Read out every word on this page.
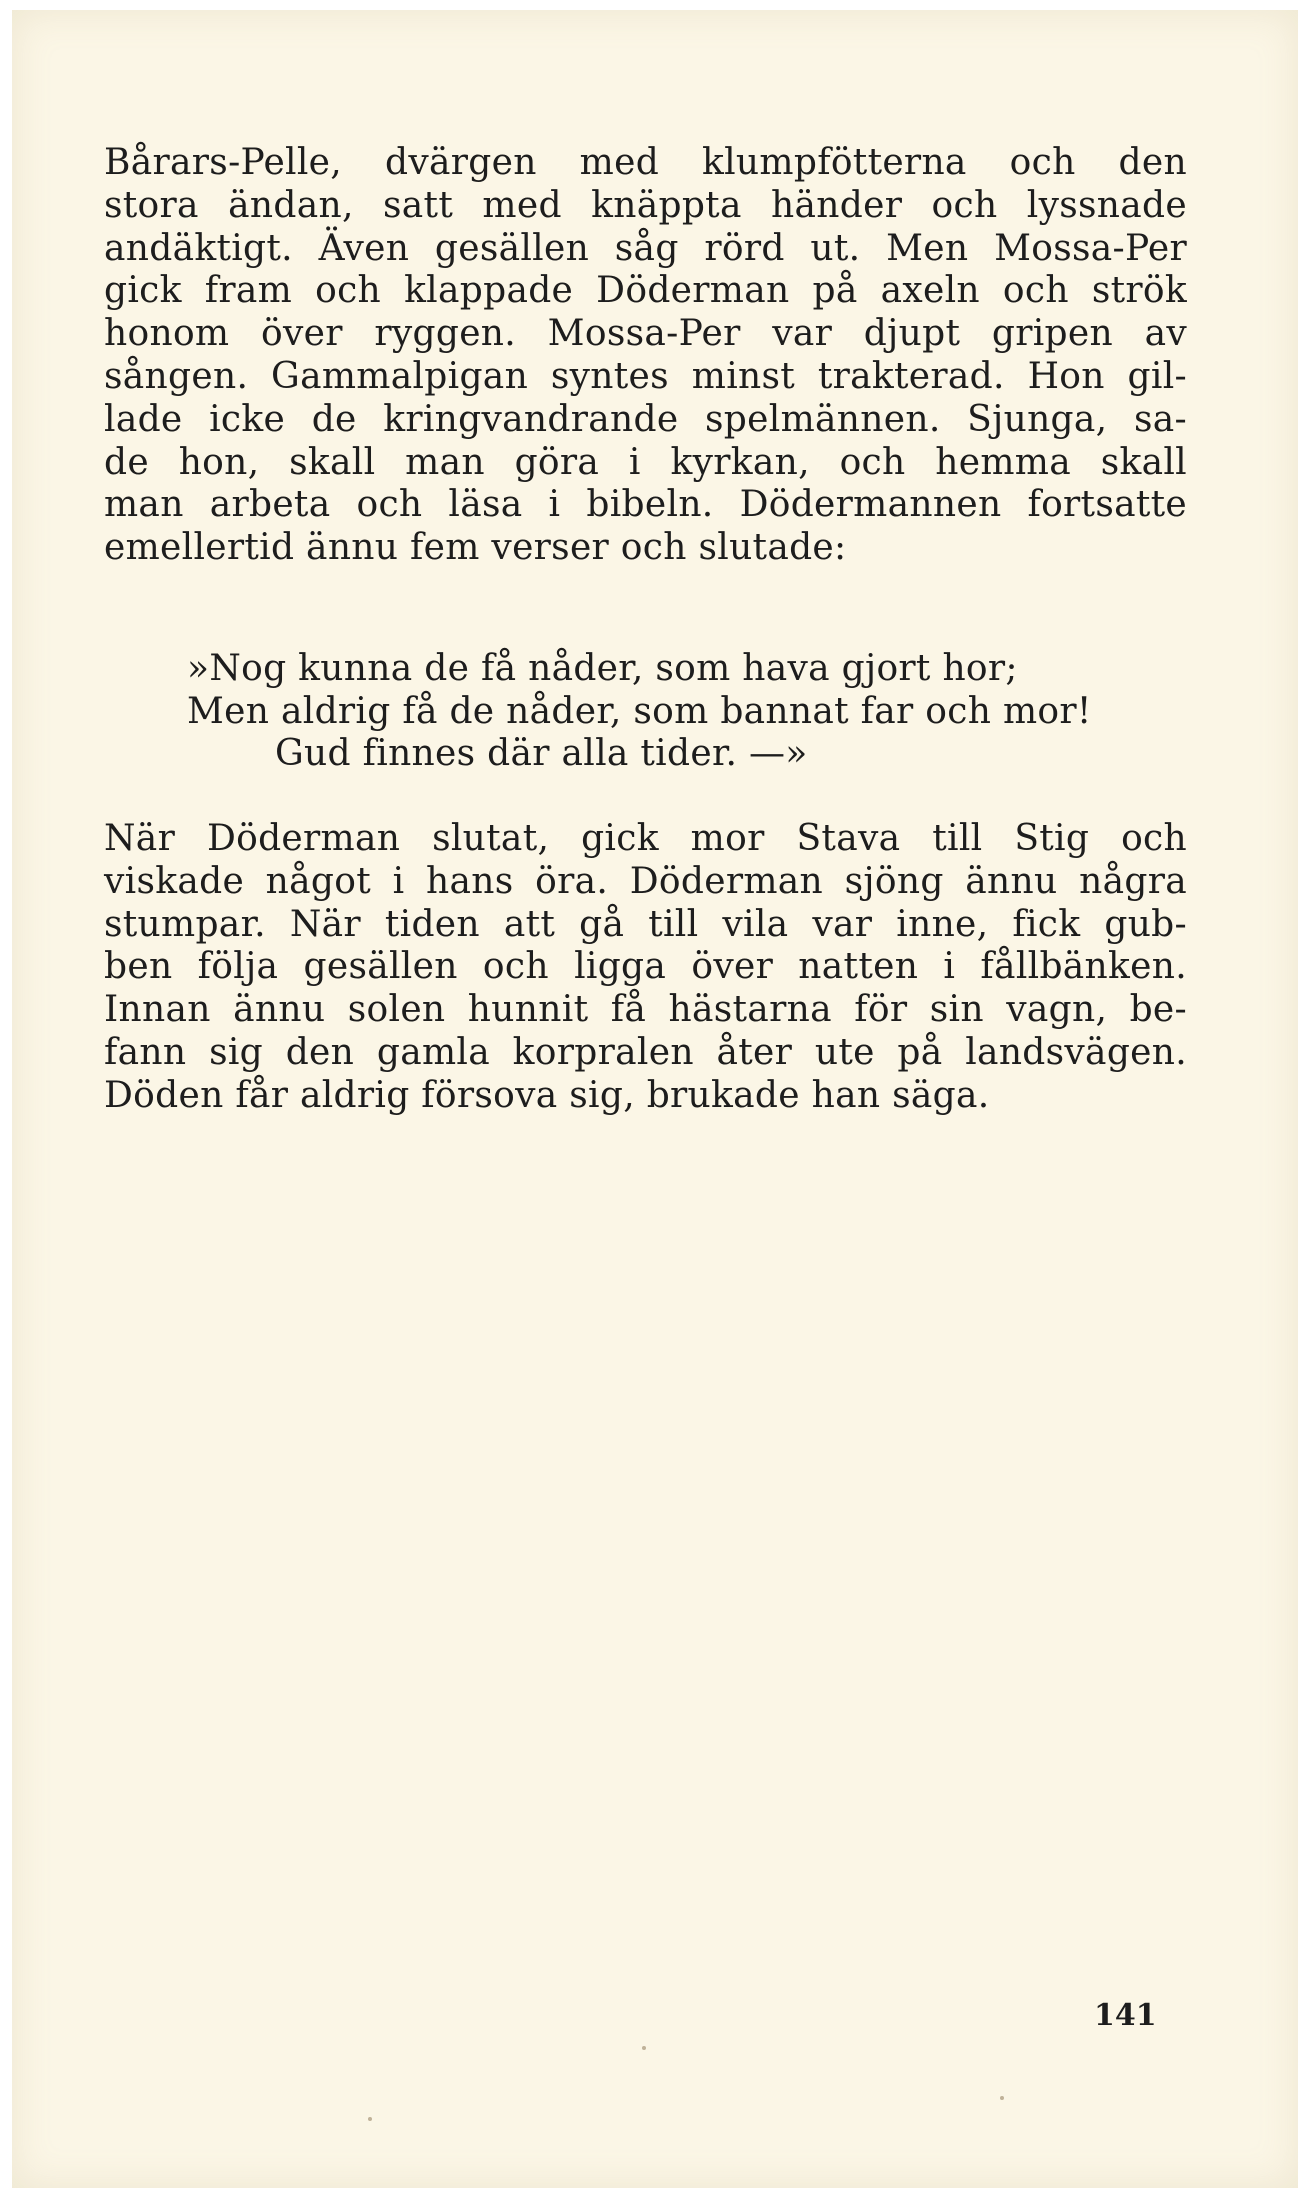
Bårars-Pelle, dvärgen med klumpfötterna och den
stora ändan, satt med knäppta händer och lyssnade
andäktigt. Även gesällen såg rörd ut. Men Mossa-Per
gick fram och klappade Döderman på axeln och strök
honom över ryggen. Mossa-Per var djupt gripen av
sången. Gammalpigan syntes minst trakterad. Hon gil-
lade icke de kringvandrande spelmännen. Sjunga, sa-
de hon, skall man göra i kyrkan, och hemma skall
man arbeta och läsa i bibeln. Dödermannen fortsatte
emellertid ännu fem verser och slutade:
»Nog kunna de få nåder, som hava gjort hor;
Men aldrig få de nåder, som bannat far och mor!
Gud finnes där alla tider. —»
När Döderman slutat, gick mor Stava till Stig och
viskade något i hans öra. Döderman sjöng ännu några
stumpar. När tiden att gå till vila var inne, fick gub-
ben följa gesällen och ligga över natten i fållbänken.
Innan ännu solen hunnit få hästarna för sin vagn, be-
fann sig den gamla korpralen åter ute på landsvägen.
Döden får aldrig försova sig, brukade han säga.
141
